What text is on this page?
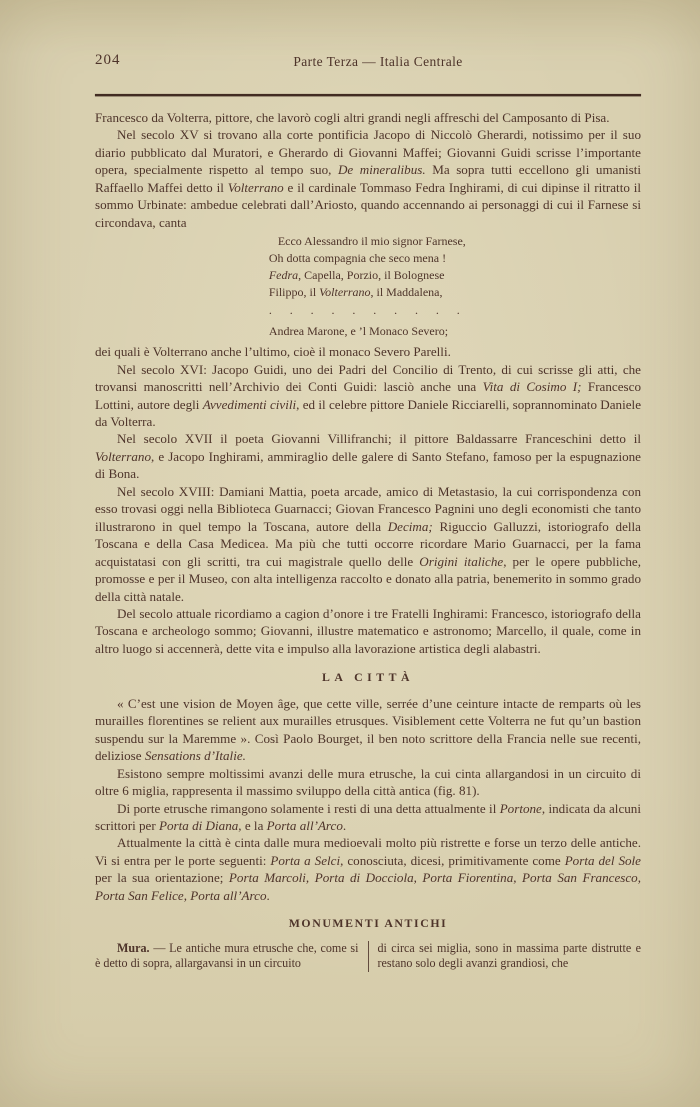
204	Parte Terza — Italia Centrale

Francesco da Volterra, pittore, che lavorò cogli altri grandi negli affreschi del Camposanto di Pisa.

Nel secolo XV si trovano alla corte pontificia Jacopo di Niccolò Gherardi, notissimo per il suo diario pubblicato dal Muratori, e Gherardo di Giovanni Maffei; Giovanni Guidi scrisse l’importante opera, specialmente rispetto al tempo suo, De mineralibus. Ma sopra tutti eccellono gli umanisti Raffaello Maffei detto il Volterrano e il cardinale Tommaso Fedra Inghirami, di cui dipinse il ritratto il sommo Urbinate: ambedue celebrati dall’Ariosto, quando accennando ai personaggi di cui il Farnese si circondava, canta

Ecco Alessandro il mio signor Farnese,
Oh dotta compagnia che seco mena !
Fedra, Capella, Porzio, il Bolognese
Filippo, il Volterrano, il Maddalena,
. . . . . . . . . .
Andrea Marone, e ’l Monaco Severo;

dei quali è Volterrano anche l’ultimo, cioè il monaco Severo Parelli.

Nel secolo XVI: Jacopo Guidi, uno dei Padri del Concilio di Trento, di cui scrisse gli atti, che trovansi manoscritti nell’Archivio dei Conti Guidi: lasciò anche una Vita di Cosimo I; Francesco Lottini, autore degli Avvedimenti civili, ed il celebre pittore Daniele Ricciarelli, soprannominato Daniele da Volterra.

Nel secolo XVII il poeta Giovanni Villifranchi; il pittore Baldassarre Franceschini detto il Volterrano, e Jacopo Inghirami, ammiraglio delle galere di Santo Stefano, famoso per la espugnazione di Bona.

Nel secolo XVIII: Damiani Mattia, poeta arcade, amico di Metastasio, la cui corrispondenza con esso trovasi oggi nella Biblioteca Guarnacci; Giovan Francesco Pagnini uno degli economisti che tanto illustrarono in quel tempo la Toscana, autore della Decima; Riguccio Galluzzi, istoriografo della Toscana e della Casa Medicea. Ma più che tutti occorre ricordare Mario Guarnacci, per la fama acquistatasi con gli scritti, tra cui magistrale quello delle Origini italiche, per le opere pubbliche, promosse e per il Museo, con alta intelligenza raccolto e donato alla patria, benemerito in sommo grado della città natale.

Del secolo attuale ricordiamo a cagion d’onore i tre Fratelli Inghirami: Francesco, istoriografo della Toscana e archeologo sommo; Giovanni, illustre matematico e astronomo; Marcello, il quale, come in altro luogo si accennerà, dette vita e impulso alla lavorazione artistica degli alabastri.

LA CITTÀ

« C’est une vision de Moyen âge, que cette ville, serrée d’une ceinture intacte de remparts où les murailles florentines se relient aux murailles etrusques. Visiblement cette Volterra ne fut qu’un bastion suspendu sur la Maremme ». Così Paolo Bourget, il ben noto scrittore della Francia nelle sue recenti, deliziose Sensations d’Italie.

Esistono sempre moltissimi avanzi delle mura etrusche, la cui cinta allargandosi in un circuito di oltre 6 miglia, rappresenta il massimo sviluppo della città antica (fig. 81).

Di porte etrusche rimangono solamente i resti di una detta attualmente il Portone, indicata da alcuni scrittori per Porta di Diana, e la Porta all’Arco.

Attualmente la città è cinta dalle mura medioevali molto più ristrette e forse un terzo delle antiche. Vi si entra per le porte seguenti: Porta a Selci, conosciuta, dicesi, primitivamente come Porta del Sole per la sua orientazione; Porta Marcoli, Porta di Docciola, Porta Fiorentina, Porta San Francesco, Porta San Felice, Porta all’Arco.

MONUMENTI ANTICHI
Mura. — Le antiche mura etrusche che, come si è detto di sopra, allargavansi in un circuito
di circa sei miglia, sono in massima parte distrutte e restano solo degli avanzi grandiosi, che
